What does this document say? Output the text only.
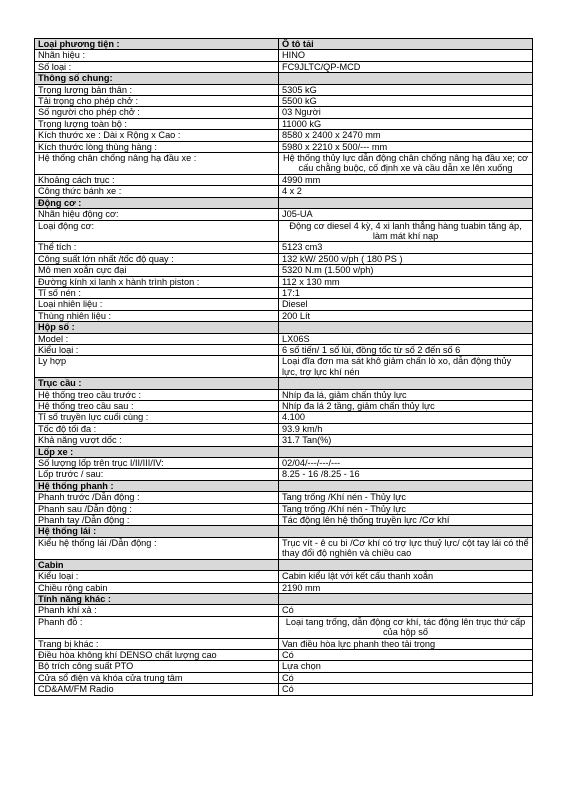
Loại phương tiện :	Ô tô tải
Nhãn hiệu :	HINO
Số loại :	FC9JLTC/QP-MCD
Thông số chung:	
Trọng lượng bản thân :	5305 kG
Tải trọng cho phép chở :	5500 kG
Số người cho phép chở :	03 Người
Trọng lượng toàn bộ :	11000 kG
Kích thước xe : Dài x Rộng x Cao :	8580 x 2400 x 2470 mm
Kích thước lòng thùng hàng :	5980 x 2210 x 500/--- mm
Hệ thống chân chống nâng hạ đầu xe :	Hệ thống thủy lực dẫn động chân chống nâng hạ đầu xe; cơ cấu chằng buộc, cố định xe và cầu dẫn xe lên xuống
Khoảng cách trục :	4990 mm
Công thức bánh xe :	4 x 2
Động cơ :	
Nhãn hiệu động cơ:	J05-UA
Loại động cơ:	Động cơ diesel 4 kỳ, 4 xi lanh thẳng hàng tuabin tăng áp, làm mát khí nạp
Thể tích :	5123 cm3
Công suất lớn nhất /tốc độ quay :	132 kW/ 2500 v/ph ( 180 PS )
Mô men xoắn cực đại	5320 N.m (1.500 v/ph)
Đường kính xi lanh x hành trình piston :	112 x 130 mm
Tỉ số nén :	17:1
Loại nhiên liệu :	Diesel
Thùng nhiên liệu :	200 Lít
Hộp số :	
Model :	LX06S
Kiểu loại :	6 số tiến/ 1 số lùi, đồng tốc từ số 2 đến số 6
Ly hợp	Loại đĩa đơn ma sát khô giảm chấn lò xo, dẫn động thủy lực, trợ lực khí nén
Trục cầu :	
Hệ thống treo cầu trước :	Nhíp đa lá, giảm chấn thủy lực
Hệ thống treo cầu sau :	Nhíp đa lá 2 tầng, giảm chấn thủy lực
Tỉ số truyền lực cuối cùng :	4.100
Tốc độ tối đa :	93.9 km/h
Khả năng vượt dốc :	31.7 Tan(%)
Lốp xe :	
Số lượng lốp trên trục I/II/III/IV:	02/04/---/---/---
Lốp trước / sau:	8.25 - 16 /8.25 - 16
Hệ thống phanh :	
Phanh trước /Dẫn động :	Tang trống /Khí nén - Thủy lực
Phanh sau /Dẫn động :	Tang trống /Khí nén - Thủy lực
Phanh tay /Dẫn động :	Tác động lên hệ thống truyền lực /Cơ khí
Hệ thống lái :	
Kiểu hệ thống lái /Dẫn động :	Trục vít - ê cu bi /Cơ khí có trợ lực thuỷ lực/ cột tay lái có thể thay đổi độ nghiên và chiều cao
Cabin	
Kiểu loại :	Cabin kiểu lật với kết cấu thanh xoắn
Chiều rộng cabin	2190 mm
Tính năng khác :	
Phanh khí xả :	Có
Phanh đỗ :	Loại tang trống, dẫn động cơ khí, tác động lên trục thứ cấp của hộp số
Trang bị khác :	Van điều hòa lực phanh theo tải trọng
Điều hòa không khí DENSO chất lượng cao	Có
Bộ trích công suất PTO	Lựa chọn
Cửa sổ điện và khóa cửa trung tâm	Có
CD&AM/FM Radio	Có
